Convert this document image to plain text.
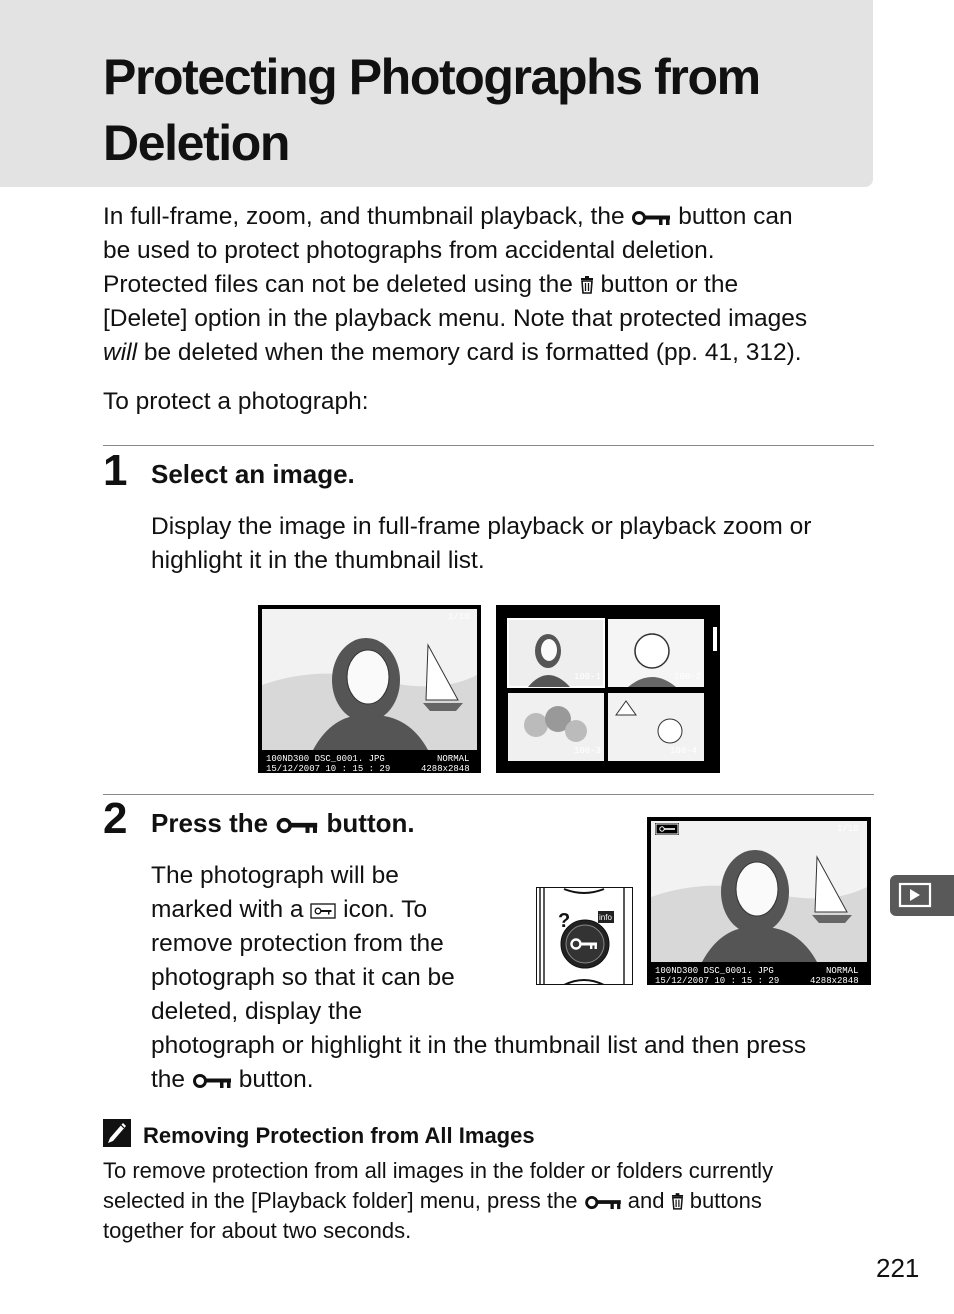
Protecting Photographs from
Deletion

In full-frame, zoom, and thumbnail playback, the button can
be used to protect photographs from accidental deletion.
Protected files can not be deleted using the button or the
[Delete] option in the playback menu. Note that protected images
will be deleted when the memory card is formatted (pp. 41, 312).

To protect a photograph:

1 Select an image.

Display the image in full-frame playback or playback zoom or
highlight it in the thumbnail list.

1/10
100ND300 DSC_0001. JPG	NORMAL
15/12/2007 10 : 15 : 29	4288x2848
100-1	100-2
100-3	100-4
2 Press the button.

The photograph will be
marked with a icon. To
remove protection from the
photograph so that it can be
deleted, display the
photograph or highlight it in the thumbnail list and then press
the button.

?	info
1/10
100ND300 DSC_0001. JPG	NORMAL
15/12/2007 10 : 15 : 29	4288x2848
Removing Protection from All Images

To remove protection from all images in the folder or folders currently
selected in the [Playback folder] menu, press the and buttons
together for about two seconds.

221
